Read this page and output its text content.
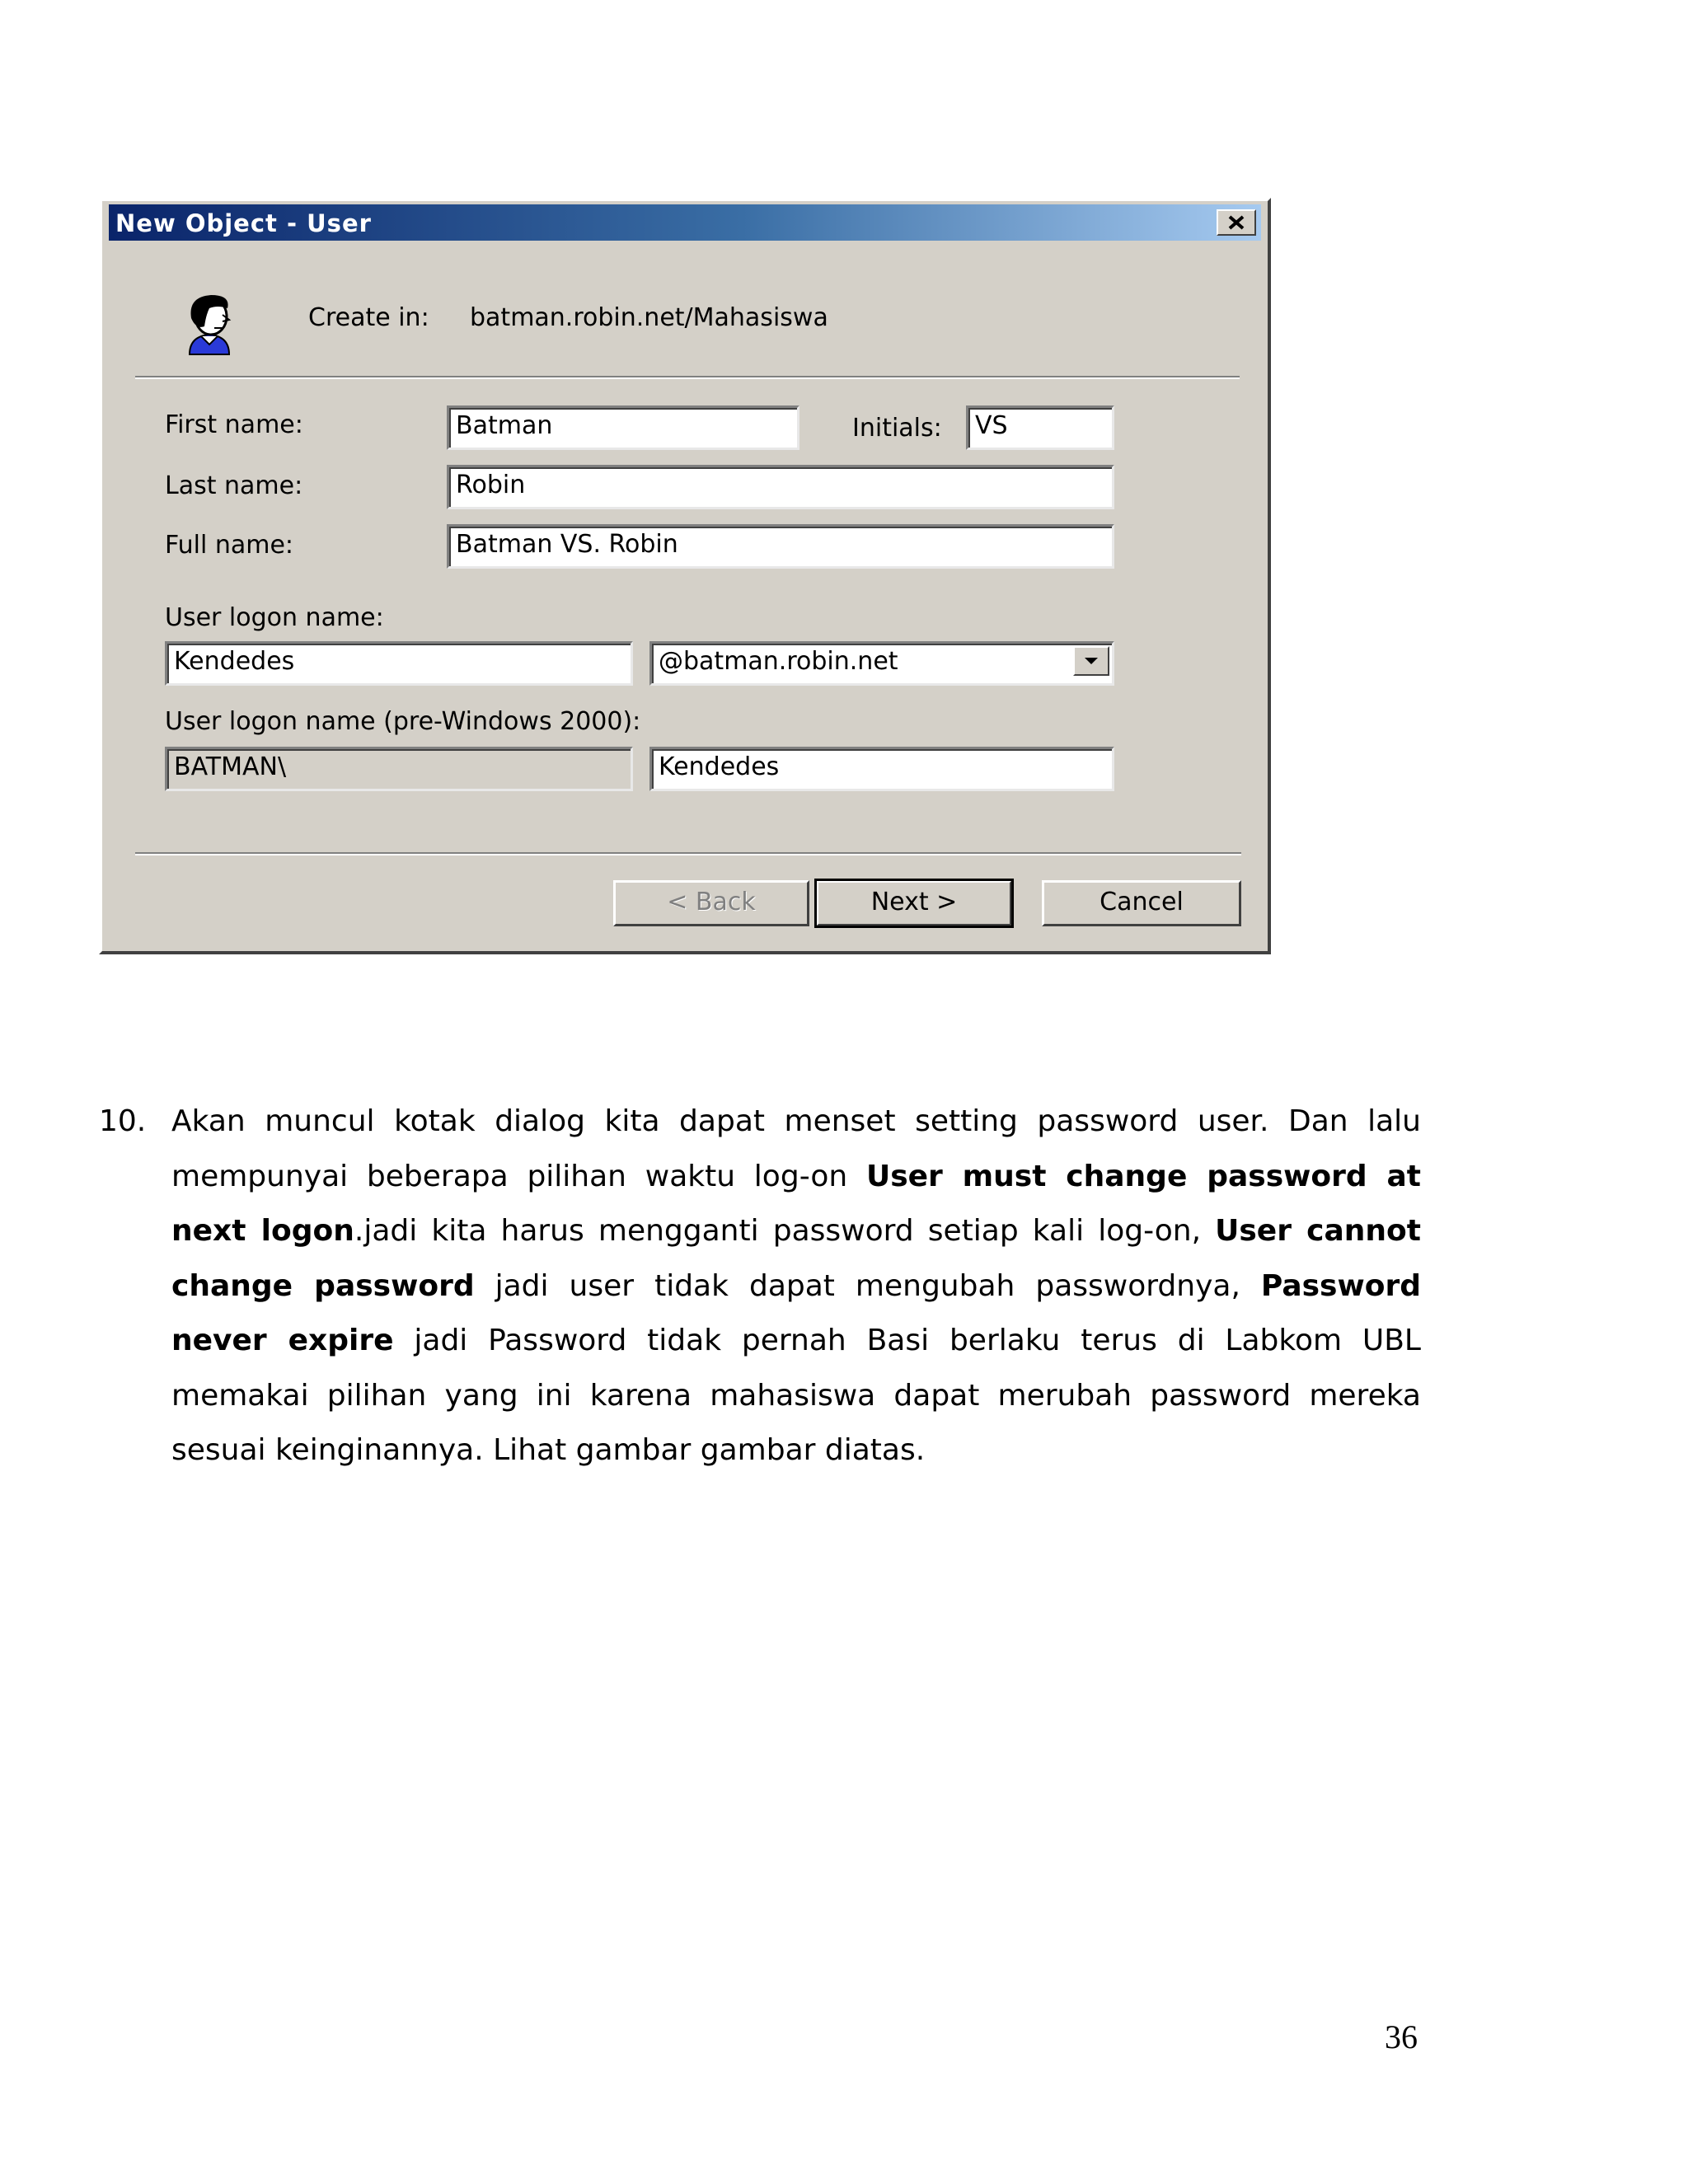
New Object - User
Create in: batman.robin.net/Mahasiswa
First name:	Batman	Initials:	VS
Last name:	Robin
Full name:	Batman VS. Robin
User logon name:
Kendedes	@batman.robin.net
User logon name (pre-Windows 2000):
BATMAN\	Kendedes
< Back	Next >	Cancel
10. Akan muncul kotak dialog kita dapat menset setting password user. Dan lalu mempunyai beberapa pilihan waktu log-on User must change password at next logon.jadi kita harus mengganti password setiap kali log-on, User cannot change password jadi user tidak dapat mengubah passwordnya, Password never expire jadi Password tidak pernah Basi berlaku terus di Labkom UBL memakai pilihan yang ini karena mahasiswa dapat merubah password mereka sesuai keinginannya. Lihat gambar gambar diatas.
36
